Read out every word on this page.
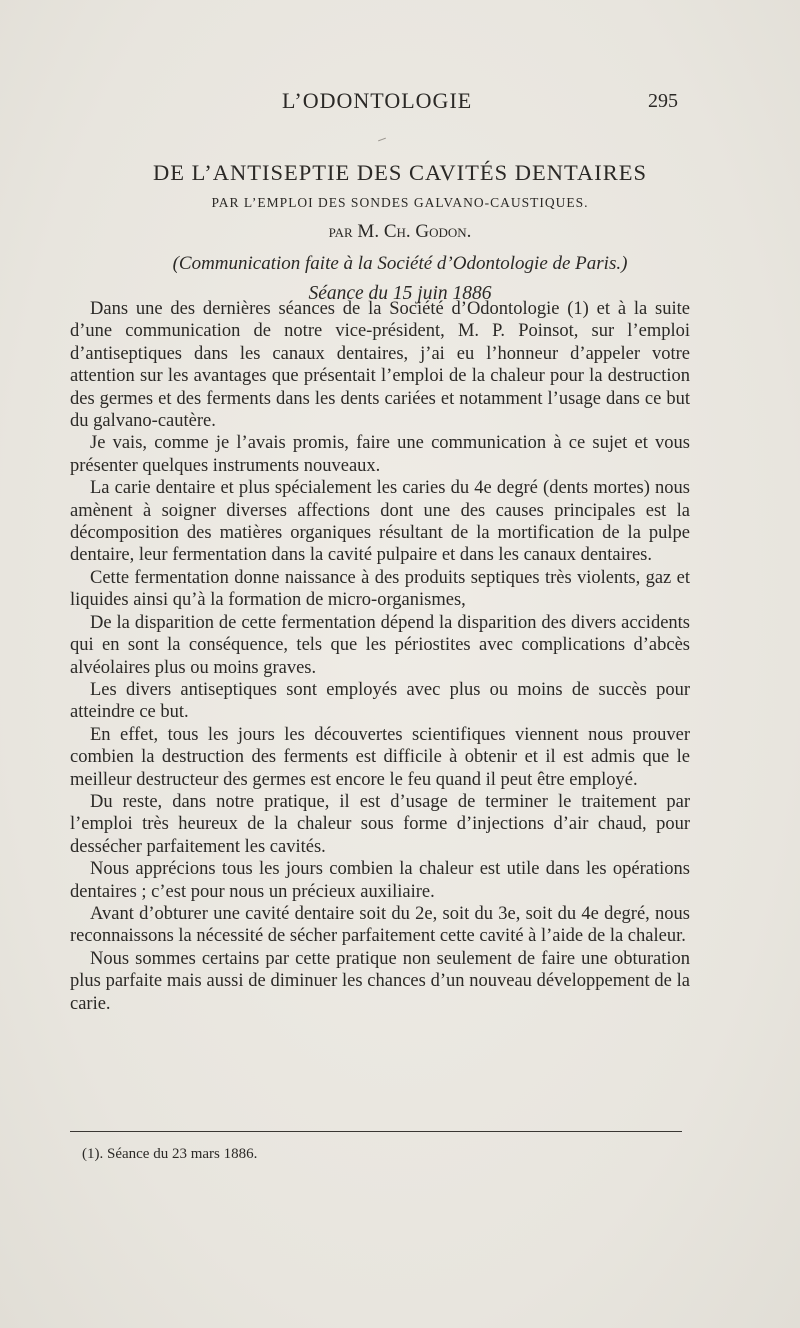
L’ODONTOLOGIE	295
DE L’ANTISEPTIE DES CAVITÉS DENTAIRES
PAR L’EMPLOI DES SONDES GALVANO-CAUSTIQUES.
par M. Ch. Godon.
(Communication faite à la Société d’Odontologie de Paris.)
Séance du 15 juin 1886

Dans une des dernières séances de la Société d’Odontologie (1) et à la suite d’une communication de notre vice-président, M. P. Poinsot, sur l’emploi d’antiseptiques dans les canaux dentaires, j’ai eu l’honneur d’appeler votre attention sur les avantages que présentait l’emploi de la chaleur pour la destruction des germes et des ferments dans les dents cariées et notamment l’usage dans ce but du galvano-cautère.

Je vais, comme je l’avais promis, faire une communication à ce sujet et vous présenter quelques instruments nouveaux.

La carie dentaire et plus spécialement les caries du 4e degré (dents mortes) nous amènent à soigner diverses affections dont une des causes principales est la décomposition des matières organiques résultant de la mortification de la pulpe dentaire, leur fermentation dans la cavité pulpaire et dans les canaux dentaires.

Cette fermentation donne naissance à des produits septiques très violents, gaz et liquides ainsi qu’à la formation de micro-organismes,

De la disparition de cette fermentation dépend la disparition des divers accidents qui en sont la conséquence, tels que les périostites avec complications d’abcès alvéolaires plus ou moins graves.

Les divers antiseptiques sont employés avec plus ou moins de succès pour atteindre ce but.

En effet, tous les jours les découvertes scientifiques viennent nous prouver combien la destruction des ferments est difficile à obtenir et il est admis que le meilleur destructeur des germes est encore le feu quand il peut être employé.

Du reste, dans notre pratique, il est d’usage de terminer le traitement par l’emploi très heureux de la chaleur sous forme d’injections d’air chaud, pour dessécher parfaitement les cavités.

Nous apprécions tous les jours combien la chaleur est utile dans les opérations dentaires ; c’est pour nous un précieux auxiliaire.

Avant d’obturer une cavité dentaire soit du 2e, soit du 3e, soit du 4e degré, nous reconnaissons la nécessité de sécher parfaitement cette cavité à l’aide de la chaleur.

Nous sommes certains par cette pratique non seulement de faire une obturation plus parfaite mais aussi de diminuer les chances d’un nouveau développement de la carie.

(1). Séance du 23 mars 1886.
